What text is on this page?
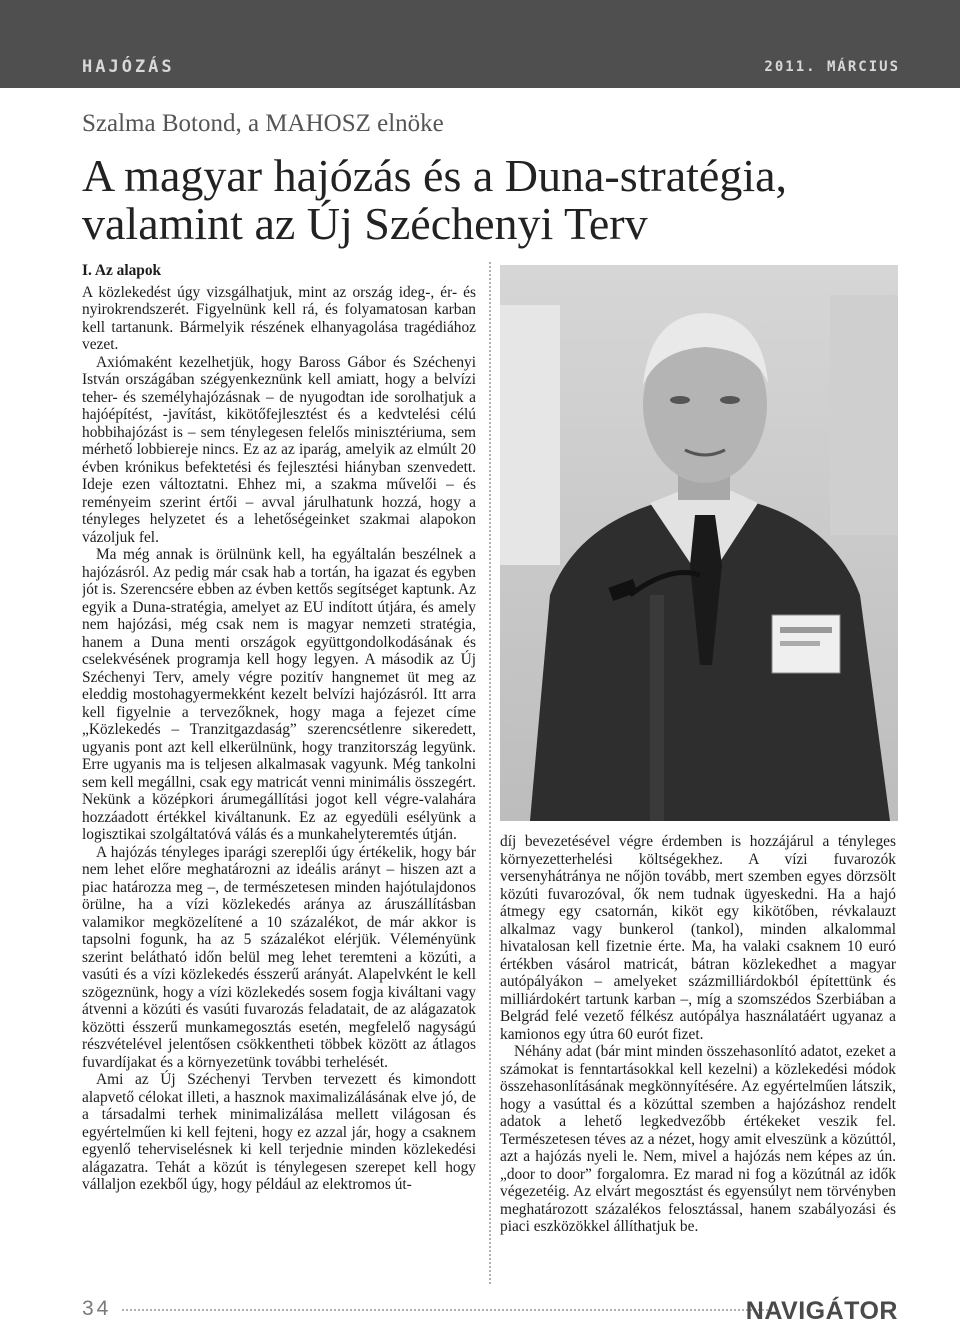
HAJÓZÁS	2011. MÁRCIUS
Szalma Botond, a MAHOSZ elnöke
A magyar hajózás és a Duna-stratégia, valamint az Új Széchenyi Terv
I. Az alapok

A közlekedést úgy vizsgálhatjuk, mint az ország ideg-, ér- és nyirokrendszerét. Figyelnünk kell rá, és folyamatosan karban kell tartanunk. Bármelyik részének elhanyagolása tragédiához vezet.

Axiómaként kezelhetjük, hogy Baross Gábor és Széchenyi István országában szégyenkeznünk kell amiatt, hogy a belvízi teher- és személyhajózásnak – de nyugodtan ide sorolhatjuk a hajóépítést, -javítást, kikötőfejlesztést és a kedvtelési célú hobbihajózást is – sem ténylegesen felelős minisztériuma, sem mérhető lobbiereje nincs. Ez az az iparág, amelyik az elmúlt 20 évben krónikus befektetési és fejlesztési hiányban szenvedett. Ideje ezen változtatni. Ehhez mi, a szakma művelői – és reményeim szerint értői – avval járulhatunk hozzá, hogy a tényleges helyzetet és a lehetőségeinket szakmai alapokon vázoljuk fel.

Ma még annak is örülnünk kell, ha egyáltalán beszélnek a hajózásról. Az pedig már csak hab a tortán, ha igazat és egyben jót is. Szerencsére ebben az évben kettős segítséget kaptunk. Az egyik a Duna-stratégia, amelyet az EU indított útjára, és amely nem hajózási, még csak nem is magyar nemzeti stratégia, hanem a Duna menti országok együttgondolkodásának és cselekvésének programja kell hogy legyen. A második az Új Széchenyi Terv, amely végre pozitív hangnemet üt meg az eleddig mostohagyermekként kezelt belvízi hajózásról. Itt arra kell figyelnie a tervezőknek, hogy maga a fejezet címe „Közlekedés – Tranzitgazdaság” szerencsétlenre sikeredett, ugyanis pont azt kell elkerülnünk, hogy tranzitország legyünk. Erre ugyanis ma is teljesen alkalmasak vagyunk. Még tankolni sem kell megállni, csak egy matricát venni minimális összegért. Nekünk a középkori árumegállítási jogot kell végre-valahára hozzáadott értékkel kiváltanunk. Ez az egyedüli esélyünk a logisztikai szolgáltatóvá válás és a munkahelyteremtés útján.

A hajózás tényleges iparági szereplői úgy értékelik, hogy bár nem lehet előre meghatározni az ideális arányt – hiszen azt a piac határozza meg –, de természetesen minden hajótulajdonos örülne, ha a vízi közlekedés aránya az áruszállításban valamikor megközelítené a 10 százalékot, de már akkor is tapsolni fogunk, ha az 5 százalékot elérjük. Véleményünk szerint belátható időn belül meg lehet teremteni a közúti, a vasúti és a vízi közlekedés ésszerű arányát. Alapelvként le kell szögeznünk, hogy a vízi közlekedés sosem fogja kiváltani vagy átvenni a közúti és vasúti fuvarozás feladatait, de az alágazatok közötti ésszerű munkamegosztás esetén, megfelelő nagyságú részvételével jelentősen csökkentheti többek között az átlagos fuvardíjakat és a környezetünk további terhelését.

Ami az Új Széchenyi Tervben tervezett és kimondott alapvető célokat illeti, a hasznok maximalizálásának elve jó, de a társadalmi terhek minimalizálása mellett világosan és egyértelműen ki kell fejteni, hogy ez azzal jár, hogy a csaknem egyenlő teherviselésnek ki kell terjednie minden közlekedési alágazatra. Tehát a közút is ténylegesen szerepet kell hogy vállaljon ezekből úgy, hogy például az elektromos út-

díj bevezetésével végre érdemben is hozzájárul a tényleges környezetterhelési költségekhez. A vízi fuvarozók versenyhátránya ne nőjön tovább, mert szemben egyes dörzsölt közúti fuvarozóval, ők nem tudnak ügyeskedni. Ha a hajó átmegy egy csatornán, kiköt egy kikötőben, révkalauzt alkalmaz vagy bunkerol (tankol), minden alkalommal hivatalosan kell fizetnie érte. Ma, ha valaki csaknem 10 euró értékben vásárol matricát, bátran közlekedhet a magyar autópályákon – amelyeket százmilliárdokból építettünk és milliárdokért tartunk karban –, míg a szomszédos Szerbiában a Belgrád felé vezető félkész autópálya használatáért ugyanaz a kamionos egy útra 60 eurót fizet.

Néhány adat (bár mint minden összehasonlító adatot, ezeket a számokat is fenntartásokkal kell kezelni) a közlekedési módok összehasonlításának megkönnyítésére. Az egyértelműen látszik, hogy a vasúttal és a közúttal szemben a hajózáshoz rendelt adatok a lehető legkedvezőbb értékeket veszik fel. Természetesen téves az a nézet, hogy amit elveszünk a közúttól, azt a hajózás nyeli le. Nem, mivel a hajózás nem képes az ún. „door to door” forgalomra. Ez marad ni fog a közútnál az idők végezetéig. Az elvárt megosztást és egyensúlyt nem törvényben meghatározott százalékos felosztással, hanem szabályozási és piaci eszközökkel állíthatjuk be.

34	NAVIGÁTOR
